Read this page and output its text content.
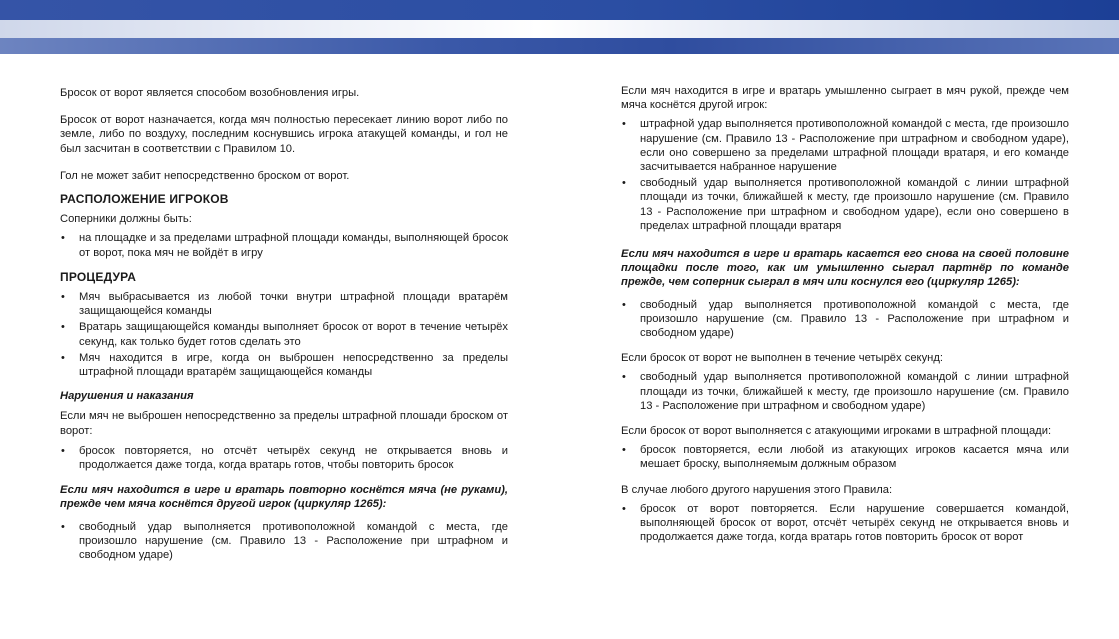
Бросок от ворот является способом возобновления игры.

Бросок от ворот назначается, когда мяч полностью пересекает линию ворот либо по земле, либо по воздуху, последним коснувшись игрока атакущей команды, и гол не был засчитан в соответствии с Правилом 10.

Гол не может забит непосредственно броском от ворот.

РАСПОЛОЖЕНИЕ ИГРОКОВ

Соперники должны быть:

• на площадке и за пределами штрафной площади команды, выполняющей бросок от ворот, пока мяч не войдёт в игру
ПРОЦЕДУРА
• Мяч выбрасывается из любой точки внутри штрафной площади вратарём защищающейся команды
• Вратарь защищающейся команды выполняет бросок от ворот в течение четырёх секунд, как только будет готов сделать это
• Мяч находится в игре, когда он выброшен непосредственно за пределы штрафной площади вратарём защищающейся команды
Нарушения и наказания

Если мяч не выброшен непосредственно за пределы штрафной плошади броском от ворот:

• бросок повторяется, но отсчёт четырёх секунд не открывается вновь и продолжается даже тогда, когда вратарь готов, чтобы повторить бросок

Если мяч находится в игре и вратарь повторно коснётся мяча (не руками), прежде чем мяча коснётся другой игрок (циркуляр 1265):

• свободный удар выполняется противоположной командой с места, где произошло нарушение (см. Правило 13 - Расположение при штрафном и свободном ударе)

Если мяч находится в игре и вратарь умышленно сыграет в мяч рукой, прежде чем мяча коснётся другой игрок:

• штрафной удар выполняется противоположной командой с места, где произошло нарушение (см. Правило 13 - Расположение при штрафном и свободном ударе), если оно совершено за пределами штрафной площади вратаря, и его команде засчитывается набранное нарушение
• свободный удар выполняется противоположной командой с линии штрафной площади из точки, ближайшей к месту, где произошло нарушение (см. Правило 13 - Расположение при штрафном и свободном ударе), если оно совершено в пределах штрафной площади вратаря

Если мяч находится в игре и вратарь касается его снова на своей половине площадки после того, как им умышленно сыграл партнёр по команде прежде, чем соперник сыграл в мяч или коснулся его (циркуляр 1265):

• свободный удар выполняется противоположной командой с места, где произошло нарушение (см. Правило 13 - Расположение при штрафном и свободном ударе)

Если бросок от ворот не выполнен в течение четырёх секунд:

• свободный удар выполняется противоположной командой с линии штрафной площади из точки, ближайшей к месту, где произошло нарушение (см. Правило 13 - Расположение при штрафном и свободном ударе)

Если бросок от ворот выполняется с атакующими игроками в штрафной площади:

• бросок повторяется, если любой из атакующих игроков касается мяча или мешает броску, выполняемым должным образом

В случае любого другого нарушения этого Правила:

• бросок от ворот повторяется. Если нарушение совершается командой, выполняющей бросок от ворот, отсчёт четырёх секунд не открывается вновь и продолжается даже тогда, когда вратарь готов повторить бросок от ворот
